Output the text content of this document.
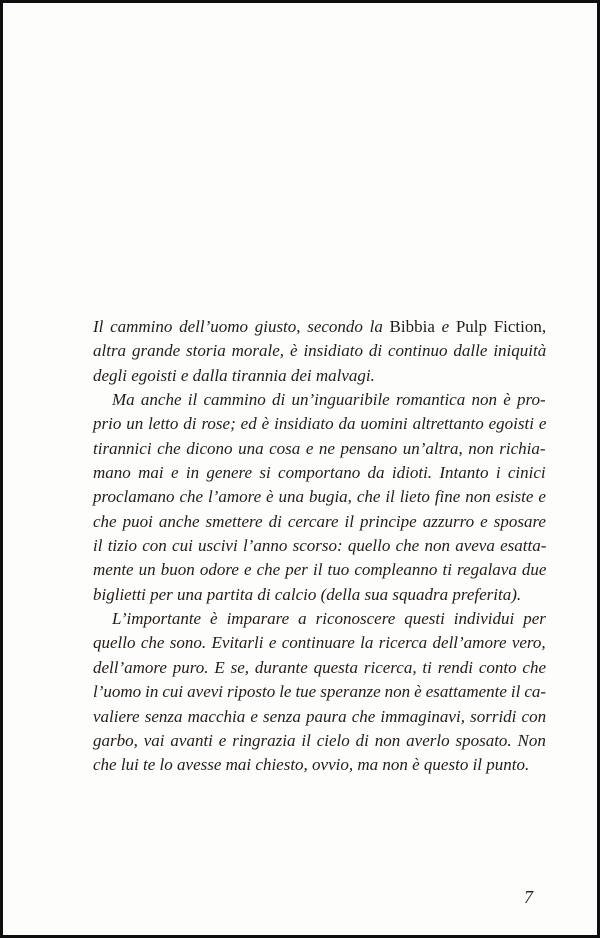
Il cammino dell’uomo giusto, secondo la Bibbia e Pulp Fiction,
altra grande storia morale, è insidiato di continuo dalle iniquità
degli egoisti e dalla tirannia dei malvagi.
Ma anche il cammino di un’inguaribile romantica non è pro-
prio un letto di rose; ed è insidiato da uomini altrettanto egoisti e
tirannici che dicono una cosa e ne pensano un’altra, non richia-
mano mai e in genere si comportano da idioti. Intanto i cinici
proclamano che l’amore è una bugia, che il lieto fine non esiste e
che puoi anche smettere di cercare il principe azzurro e sposare
il tizio con cui uscivi l’anno scorso: quello che non aveva esatta-
mente un buon odore e che per il tuo compleanno ti regalava due
biglietti per una partita di calcio (della sua squadra preferita).
L’importante è imparare a riconoscere questi individui per
quello che sono. Evitarli e continuare la ricerca dell’amore vero,
dell’amore puro. E se, durante questa ricerca, ti rendi conto che
l’uomo in cui avevi riposto le tue speranze non è esattamente il ca-
valiere senza macchia e senza paura che immaginavi, sorridi con
garbo, vai avanti e ringrazia il cielo di non averlo sposato. Non
che lui te lo avesse mai chiesto, ovvio, ma non è questo il punto.
7
